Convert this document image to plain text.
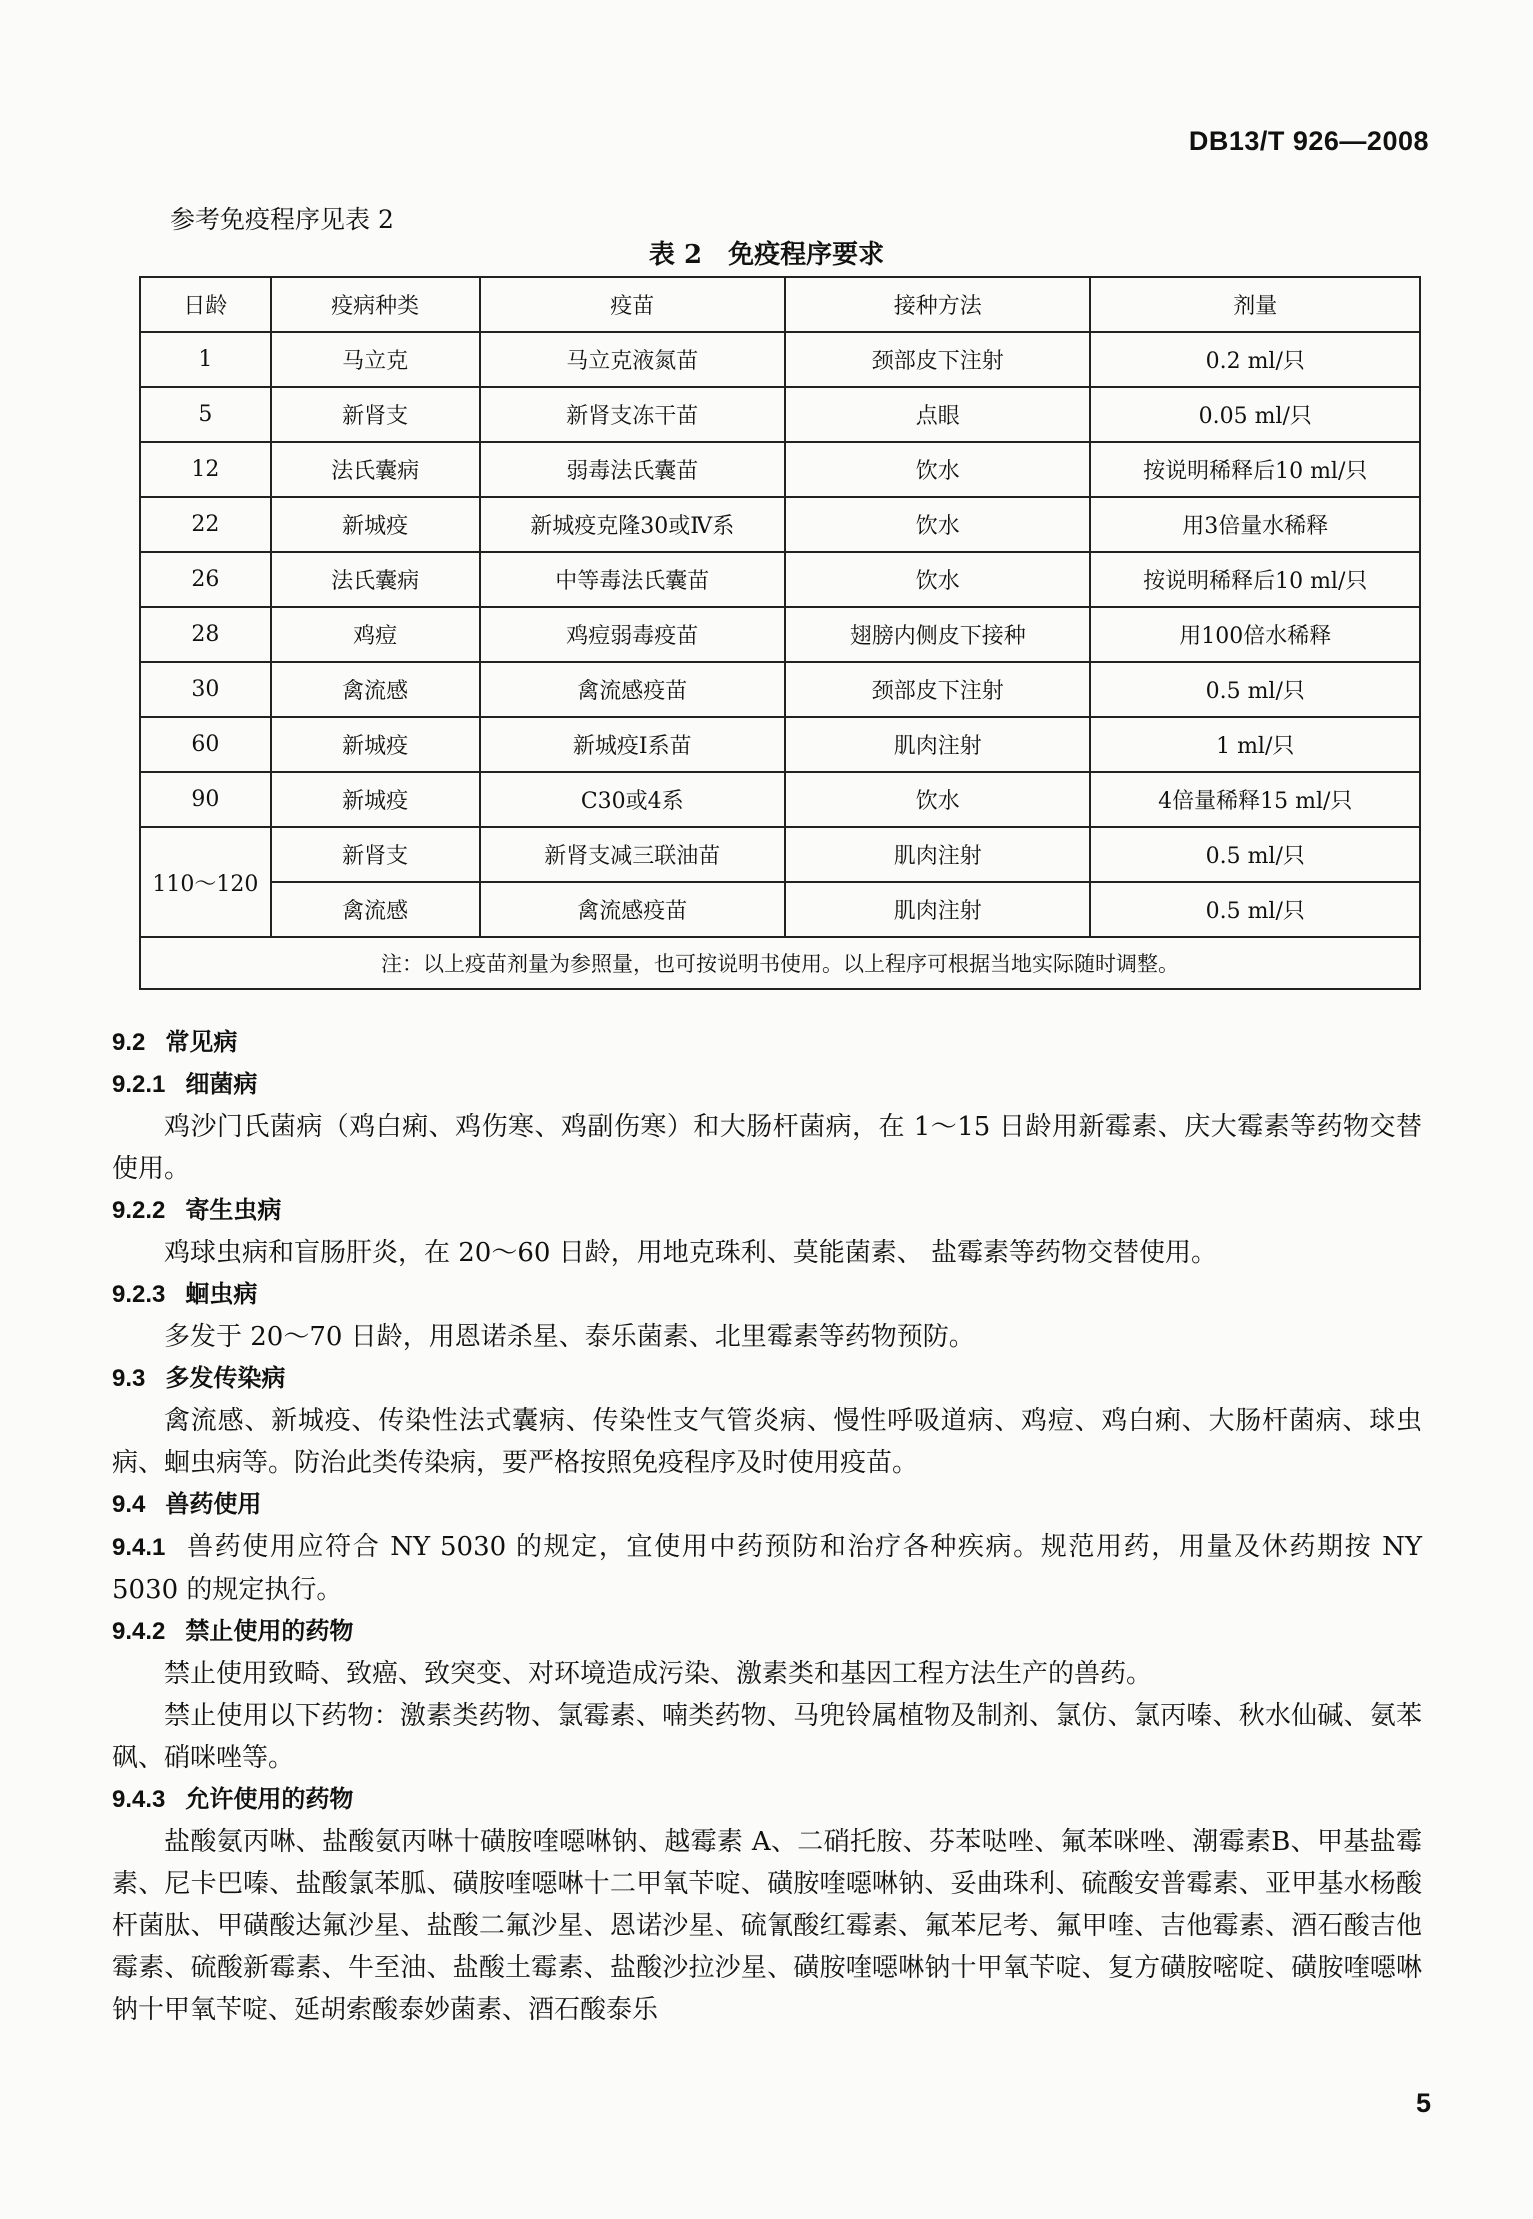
DB13/T 926—2008
参考免疫程序见表 2
表 2　免疫程序要求
日龄	疫病种类	疫苗	接种方法	剂量
1	马立克	马立克液氮苗	颈部皮下注射	0.2 ml/只
5	新肾支	新肾支冻干苗	点眼	0.05 ml/只
12	法氏囊病	弱毒法氏囊苗	饮水	按说明稀释后10 ml/只
22	新城疫	新城疫克隆30或Ⅳ系	饮水	用3倍量水稀释
26	法氏囊病	中等毒法氏囊苗	饮水	按说明稀释后10 ml/只
28	鸡痘	鸡痘弱毒疫苗	翅膀内侧皮下接种	用100倍水稀释
30	禽流感	禽流感疫苗	颈部皮下注射	0.5 ml/只
60	新城疫	新城疫Ⅰ系苗	肌肉注射	1 ml/只
90	新城疫	C30或4系	饮水	4倍量稀释15 ml/只
110～120	新肾支	新肾支减三联油苗	肌肉注射	0.5 ml/只
	禽流感	禽流感疫苗	肌肉注射	0.5 ml/只
注：以上疫苗剂量为参照量，也可按说明书使用。以上程序可根据当地实际随时调整。				
9.2 常见病
9.2.1 细菌病

鸡沙门氏菌病（鸡白痢、鸡伤寒、鸡副伤寒）和大肠杆菌病，在 1～15 日龄用新霉素、庆大霉素等药物交替使用。

9.2.2 寄生虫病

鸡球虫病和盲肠肝炎，在 20～60 日龄，用地克珠利、莫能菌素、 盐霉素等药物交替使用。

9.2.3 蛔虫病

多发于 20～70 日龄，用恩诺杀星、泰乐菌素、北里霉素等药物预防。

9.3 多发传染病

禽流感、新城疫、传染性法式囊病、传染性支气管炎病、慢性呼吸道病、鸡痘、鸡白痢、大肠杆菌病、球虫病、蛔虫病等。防治此类传染病，要严格按照免疫程序及时使用疫苗。

9.4 兽药使用

9.4.1 兽药使用应符合 NY 5030 的规定，宜使用中药预防和治疗各种疾病。规范用药，用量及休药期按 NY 5030 的规定执行。

9.4.2 禁止使用的药物

禁止使用致畸、致癌、致突变、对环境造成污染、激素类和基因工程方法生产的兽药。

禁止使用以下药物：激素类药物、氯霉素、喃类药物、马兜铃属植物及制剂、氯仿、氯丙嗪、秋水仙碱、氨苯砜、硝咪唑等。

9.4.3 允许使用的药物

盐酸氨丙啉、盐酸氨丙啉十磺胺喹噁啉钠、越霉素 A、二硝托胺、芬苯哒唑、氟苯咪唑、潮霉素B、甲基盐霉素、尼卡巴嗪、盐酸氯苯胍、磺胺喹噁啉十二甲氧苄啶、磺胺喹噁啉钠、妥曲珠利、硫酸安普霉素、亚甲基水杨酸杆菌肽、甲磺酸达氟沙星、盐酸二氟沙星、恩诺沙星、硫氰酸红霉素、氟苯尼考、氟甲喹、吉他霉素、酒石酸吉他霉素、硫酸新霉素、牛至油、盐酸土霉素、盐酸沙拉沙星、磺胺喹噁啉钠十甲氧苄啶、复方磺胺嘧啶、磺胺喹噁啉钠十甲氧苄啶、延胡索酸泰妙菌素、酒石酸泰乐

5
